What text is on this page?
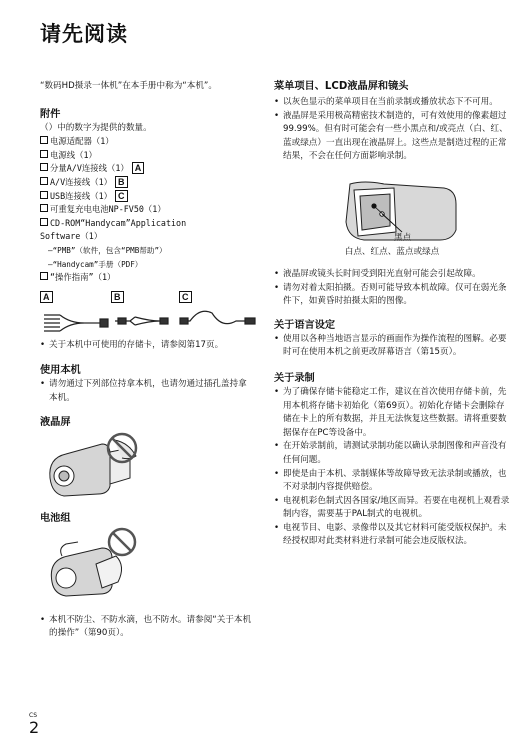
请先阅读

“数码HD摄录一体机”在本手册中称为“本机”。

附件

（）中的数字为提供的数量。

电源适配器（1）
电源线（1）
分量A/V连接线（1） A
A/V连接线（1） B
USB连接线（1） C
可重复充电电池NP-FV50（1）
CD-ROM“Handycam”Application Software（1）
–“PMB”（软件，包含“PMB帮助”）
–“Handycam”手册（PDF）
“操作指南”（1）
A	B	C
• 关于本机中可使用的存储卡，请参阅第17页。
使用本机
• 请勿通过下列部位持拿本机，也请勿通过插孔盖持拿本机。
液晶屏
电池组
• 本机不防尘、不防水滴，也不防水。请参阅“关于本机的操作”（第90页）。
菜单项目、LCD液晶屏和镜头
• 以灰色显示的菜单项目在当前录制或播放状态下不可用。
• 液晶屏是采用极高精密技术制造的，可有效使用的像素超过99.99%。但有时可能会有一些小黑点和/或亮点（白、红、蓝或绿点）一直出现在液晶屏上。这些点是制造过程的正常结果，不会在任何方面影响录制。
黑点
白点、红点、蓝点或绿点
• 液晶屏或镜头长时间受到阳光直射可能会引起故障。
• 请勿对着太阳拍摄。否则可能导致本机故障。仅可在弱光条件下，如黄昏时拍摄太阳的图像。
关于语言设定
• 使用以各种当地语言显示的画面作为操作流程的图解。必要时可在使用本机之前更改屏幕语言（第15页）。
关于录制
• 为了确保存储卡能稳定工作，建议在首次使用存储卡前，先用本机将存储卡初始化（第69页）。初始化存储卡会删除存储在卡上的所有数据，并且无法恢复这些数据。请将重要数据保存在PC等设备中。
• 在开始录制前，请测试录制功能以确认录制图像和声音没有任何问题。
• 即使是由于本机、录制媒体等故障导致无法录制或播放，也不对录制内容提供赔偿。
• 电视机彩色制式因各国家/地区而异。若要在电视机上观看录制内容，需要基于PAL制式的电视机。
• 电视节目、电影、录像带以及其它材料可能受版权保护。未经授权即对此类材料进行录制可能会违反版权法。
CS
2
